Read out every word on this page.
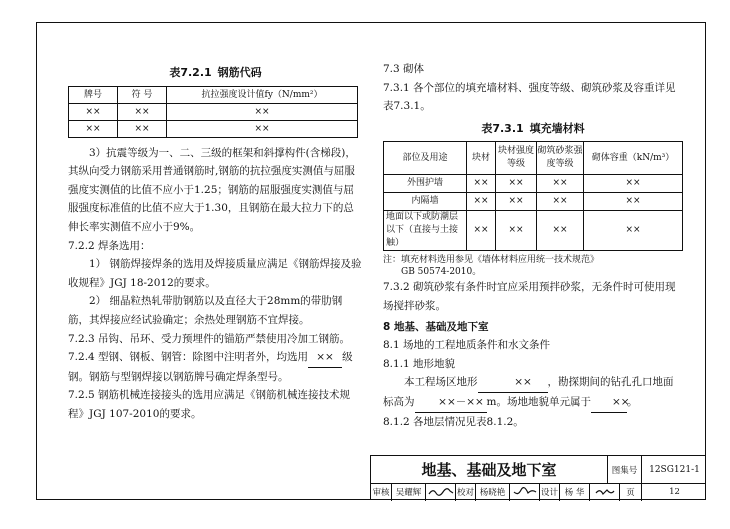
表7.2.1 钢筋代码
牌号	符 号	抗拉强度设计值fy（N/mm²）
××	××	××
××	××	××

3）抗震等级为一、二、三级的框架和斜撑构件(含梯段)，其纵向受力钢筋采用普通钢筋时,钢筋的抗拉强度实测值与屈服强度实测值的比值不应小于1.25；钢筋的屈服强度实测值与屈服强度标准值的比值不应大于1.30，且钢筋在最大拉力下的总伸长率实测值不应小于9%。

7.2.2 焊条选用：

1） 钢筋焊接焊条的选用及焊接质量应满足《钢筋焊接及验收规程》JGJ 18-2012的要求。

2） 细晶粒热轧带肋钢筋以及直径大于28mm的带肋钢筋，其焊接应经试验确定；余热处理钢筋不宜焊接。

7.2.3 吊钩、吊环、受力预埋件的锚筋严禁使用冷加工钢筋。

7.2.4 型钢、钢板、钢管：除图中注明者外，均选用 ×× 级钢。钢筋与型钢焊接以钢筋牌号确定焊条型号。

7.2.5 钢筋机械连接接头的选用应满足《钢筋机械连接技术规程》JGJ 107-2010的要求。

7.3 砌体

7.3.1 各个部位的填充墙材料、强度等级、砌筑砂浆及容重详见表7.3.1。

表7.3.1 填充墙材料
部位及用途	块材	块材强度等级	砌筑砂浆强度等级	砌体容重（kN/m³）
外围护墙	××	××	××	××
内隔墙	××	××	××	××
地面以下或防潮层以下（直接与土接触）	××	××	××	××
注：填充材料选用参见《墙体材料应用统一技术规范》
GB 50574-2010。

7.3.2 砌筑砂浆有条件时宜应采用预拌砂浆，无条件时可使用现场搅拌砂浆。

8 地基、基础及地下室

8.1 场地的工程地质条件和水文条件

8.1.1 地形地貌

本工程场区地形	×× ，勘探期间的钻孔孔口地面标高为 ××－×× m。场地地貌单元属于 ××。

8.1.2 各地层情况见表8.1.2。

地基、基础及地下室	图集号	12SG121-1
审核 吴耀辉	校对 杨晓艳	设计 杨 华	页	12
